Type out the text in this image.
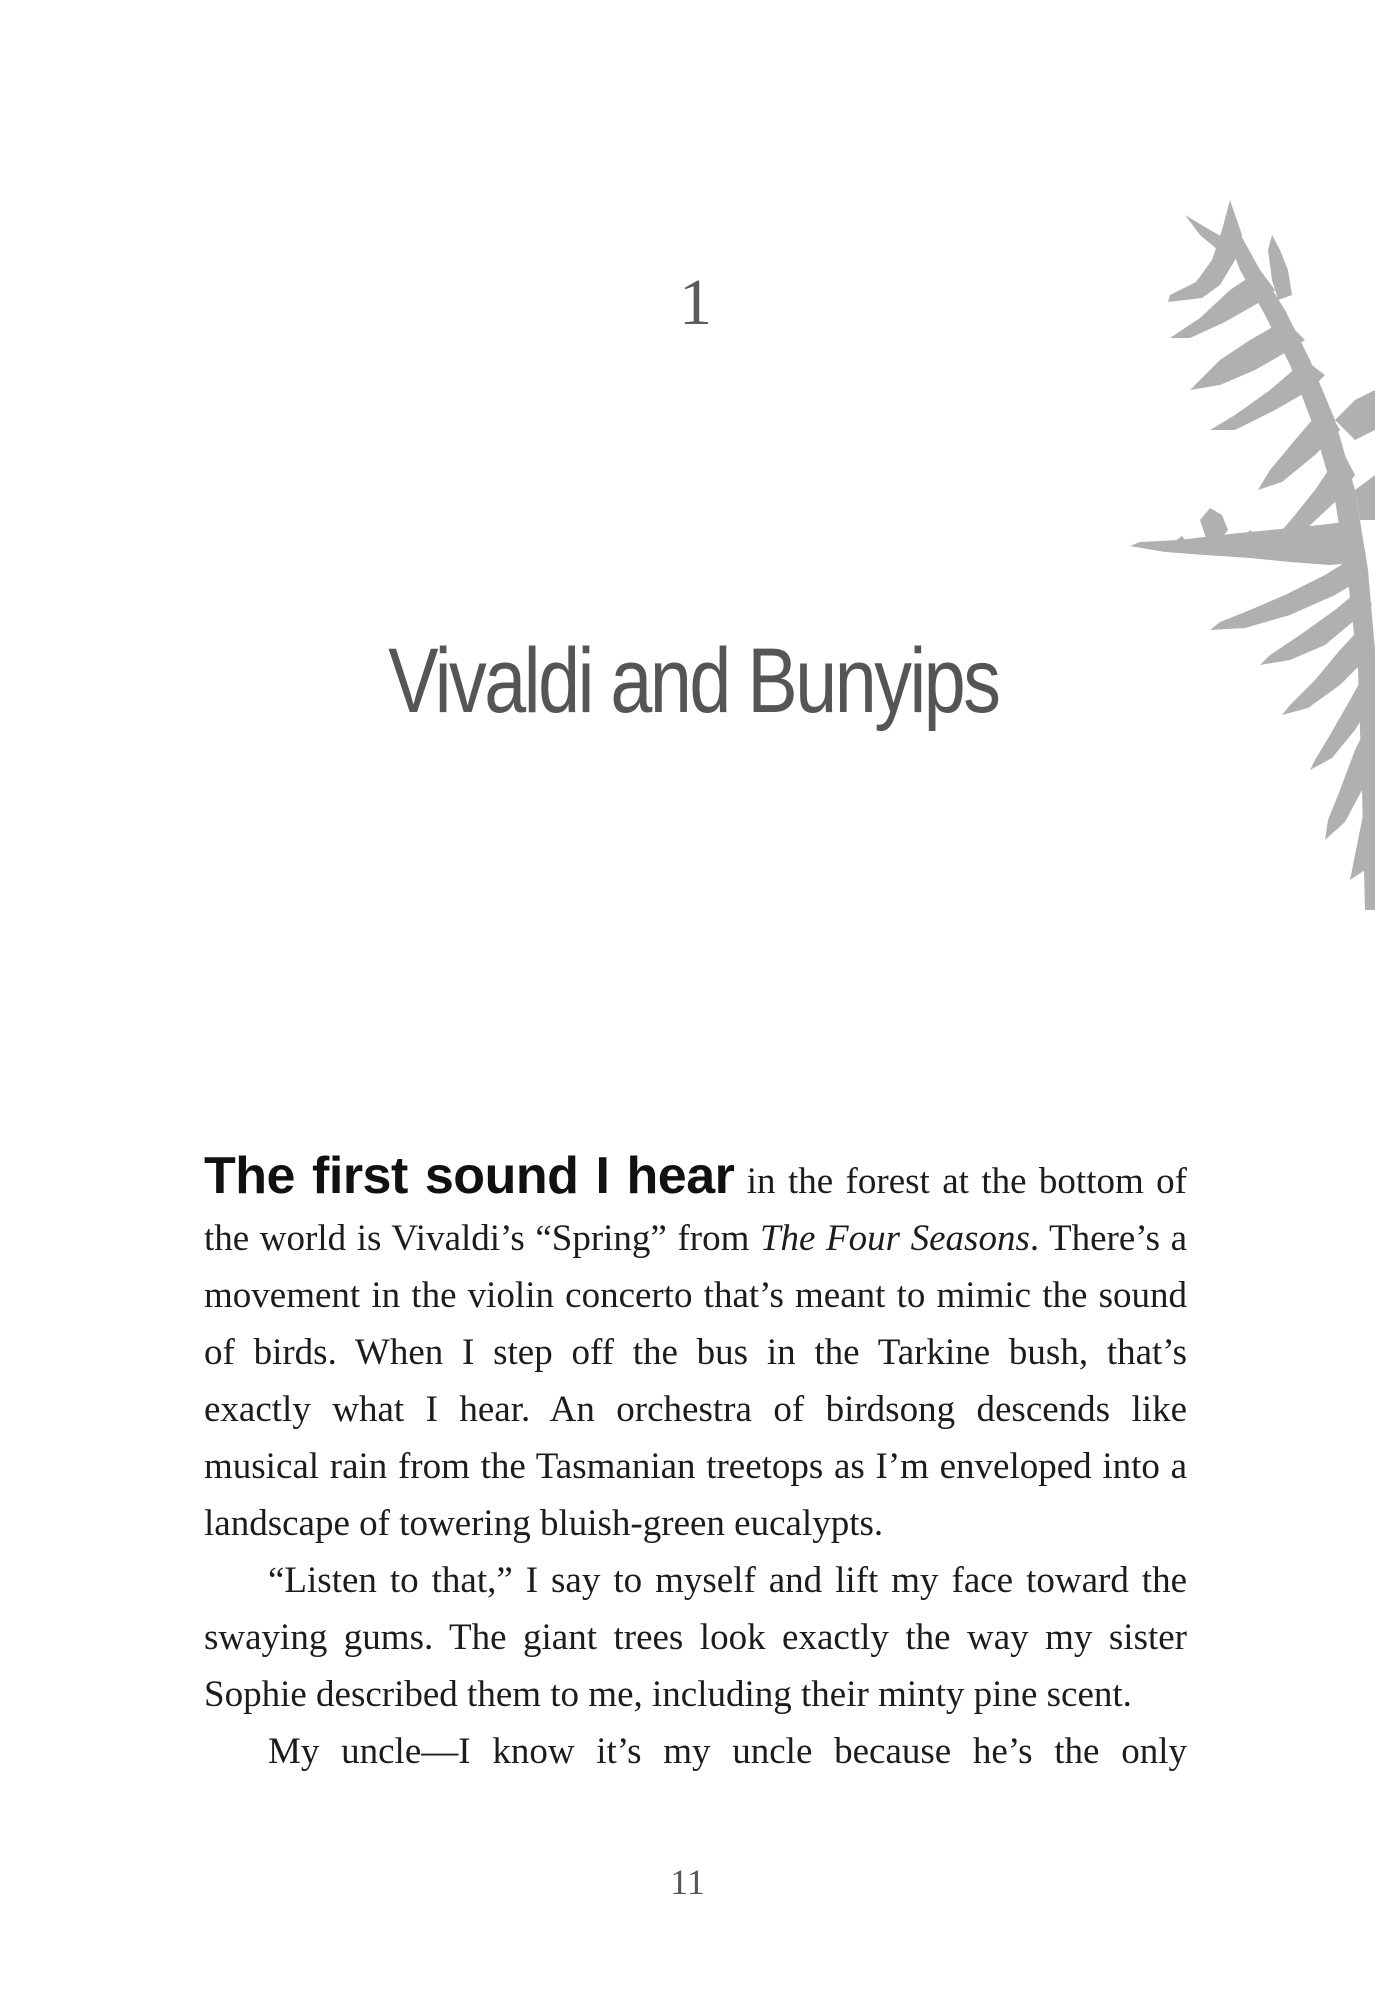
1
Vivaldi and Bunyips

The first sound I hear in the forest at the bottom of the world is Vivaldi’s “Spring” from The Four Seasons. There’s a movement in the violin concerto that’s meant to mimic the sound of birds. When I step off the bus in the Tarkine bush, that’s exactly what I hear. An orchestra of birdsong descends like musical rain from the Tasmanian treetops as I’m enveloped into a landscape of towering bluish-green eucalypts.

“Listen to that,” I say to myself and lift my face toward the swaying gums. The giant trees look exactly the way my sister Sophie described them to me, including their minty pine scent.

My uncle—I know it’s my uncle because he’s the only

11
